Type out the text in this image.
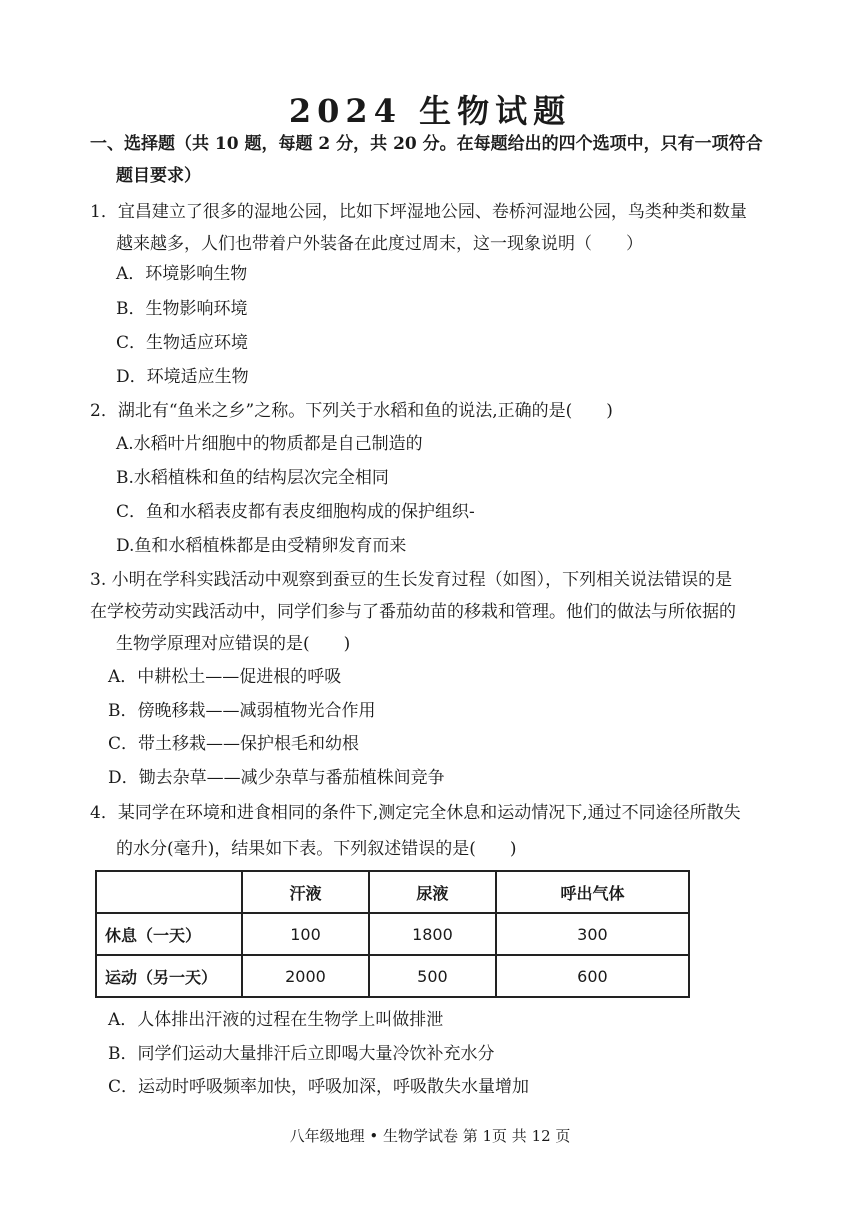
2024 生物试题
一、选择题（共 10 题，每题 2 分，共 20 分。在每题给出的四个选项中，只有一项符合
题目要求）
1．宜昌建立了很多的湿地公园，比如下坪湿地公园、卷桥河湿地公园，鸟类种类和数量
越来越多，人们也带着户外装备在此度过周末，这一现象说明（　　）
A．环境影响生物
B．生物影响环境
C．生物适应环境
D．环境适应生物
2．湖北有“鱼米之乡”之称。下列关于水稻和鱼的说法,正确的是(　　)
A.水稻叶片细胞中的物质都是自己制造的
B.水稻植株和鱼的结构层次完全相同
C．鱼和水稻表皮都有表皮细胞构成的保护组织-
D.鱼和水稻植株都是由受精卵发育而来
3. 小明在学科实践活动中观察到蚕豆的生长发育过程（如图），下列相关说法错误的是
在学校劳动实践活动中，同学们参与了番茄幼苗的移栽和管理。他们的做法与所依据的
生物学原理对应错误的是(　　)
A．中耕松土——促进根的呼吸
B．傍晚移栽——减弱植物光合作用
C．带土移栽——保护根毛和幼根
D．锄去杂草——减少杂草与番茄植株间竞争
4．某同学在环境和进食相同的条件下,测定完全休息和运动情况下,通过不同途径所散失
的水分(毫升)，结果如下表。下列叙述错误的是(　　)
	汗液	尿液	呼出气体
休息（一天）	100	1800	300
运动（另一天）	2000	500	600
A．人体排出汗液的过程在生物学上叫做排泄
B．同学们运动大量排汗后立即喝大量冷饮补充水分
C．运动时呼吸频率加快，呼吸加深，呼吸散失水量增加
八年级地理 • 生物学试卷 第 1页 共 12 页
